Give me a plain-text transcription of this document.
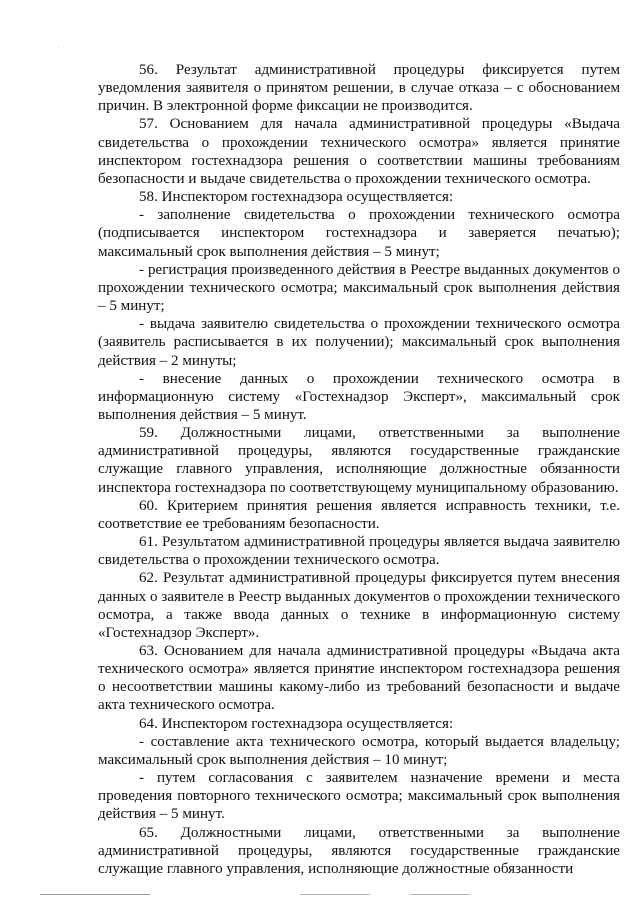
56. Результат административной процедуры фиксируется путем уведомления заявителя о принятом решении, в случае отказа – с обоснованием причин. В электронной форме фиксации не производится.

57. Основанием для начала административной процедуры «Выдача свидетельства о прохождении технического осмотра» является принятие инспектором гостехнадзора решения о соответствии машины требованиям безопасности и выдаче свидетельства о прохождении технического осмотра.

58. Инспектором гостехнадзора осуществляется:

- заполнение свидетельства о прохождении технического осмотра (подписывается инспектором гостехнадзора и заверяется печатью); максимальный срок выполнения действия – 5 минут;

- регистрация произведенного действия в Реестре выданных документов о прохождении технического осмотра; максимальный срок выполнения действия – 5 минут;

- выдача заявителю свидетельства о прохождении технического осмотра (заявитель расписывается в их получении); максимальный срок выполнения действия – 2 минуты;

- внесение данных о прохождении технического осмотра в информационную систему «Гостехнадзор Эксперт», максимальный срок выполнения действия – 5 минут.

59. Должностными лицами, ответственными за выполнение административной процедуры, являются государственные гражданские служащие главного управления, исполняющие должностные обязанности инспектора гостехнадзора по соответствующему муниципальному образованию.

60. Критерием принятия решения является исправность техники, т.е. соответствие ее требованиям безопасности.

61. Результатом административной процедуры является выдача заявителю свидетельства о прохождении технического осмотра.

62. Результат административной процедуры фиксируется путем внесения данных о заявителе в Реестр выданных документов о прохождении технического осмотра, а также ввода данных о технике в информационную систему «Гостехнадзор Эксперт».

63. Основанием для начала административной процедуры «Выдача акта технического осмотра» является принятие инспектором гостехнадзора решения о несоответствии машины какому-либо из требований безопасности и выдаче акта технического осмотра.

64. Инспектором гостехнадзора осуществляется:

- составление акта технического осмотра, который выдается владельцу; максимальный срок выполнения действия – 10 минут;

- путем согласования с заявителем назначение времени и места проведения повторного технического осмотра; максимальный срок выполнения действия – 5 минут.

65. Должностными лицами, ответственными за выполнение административной процедуры, являются государственные гражданские служащие главного управления, исполняющие должностные обязанности
